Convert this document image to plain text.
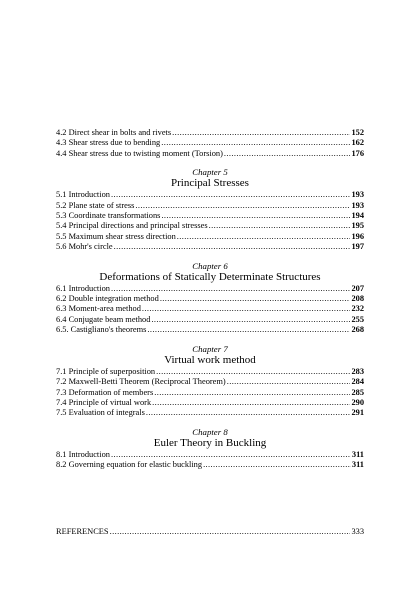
4.2 Direct shear in bolts and rivets .....	152
4.3 Shear stress due to bending .....	162
4.4 Shear stress due to twisting moment (Torsion) .....	176
Chapter 5
Principal Stresses
5.1 Introduction .....	193
5.2 Plane state of stress .....	193
5.3 Coordinate transformations .....	194
5.4 Principal directions and principal stresses .....	195
5.5 Maximum shear stress direction .....	196
5.6 Mohr's circle .....	197
Chapter 6
Deformations of Statically Determinate Structures
6.1 Introduction .....	207
6.2 Double integration method .....	208
6.3 Moment-area method .....	232
6.4 Conjugate beam method .....	255
6.5. Castigliano's theorems .....	268
Chapter 7
Virtual work method
7.1 Principle of superposition .....	283
7.2 Maxwell-Betti Theorem (Reciprocal Theorem) .....	284
7.3 Deformation of members .....	285
7.4 Principle of virtual work .....	290
7.5 Evaluation of integrals .....	291
Chapter 8
Euler Theory in Buckling
8.1 Introduction .....	311
8.2 Governing equation for elastic buckling .....	311
REFERENCES .....	333
